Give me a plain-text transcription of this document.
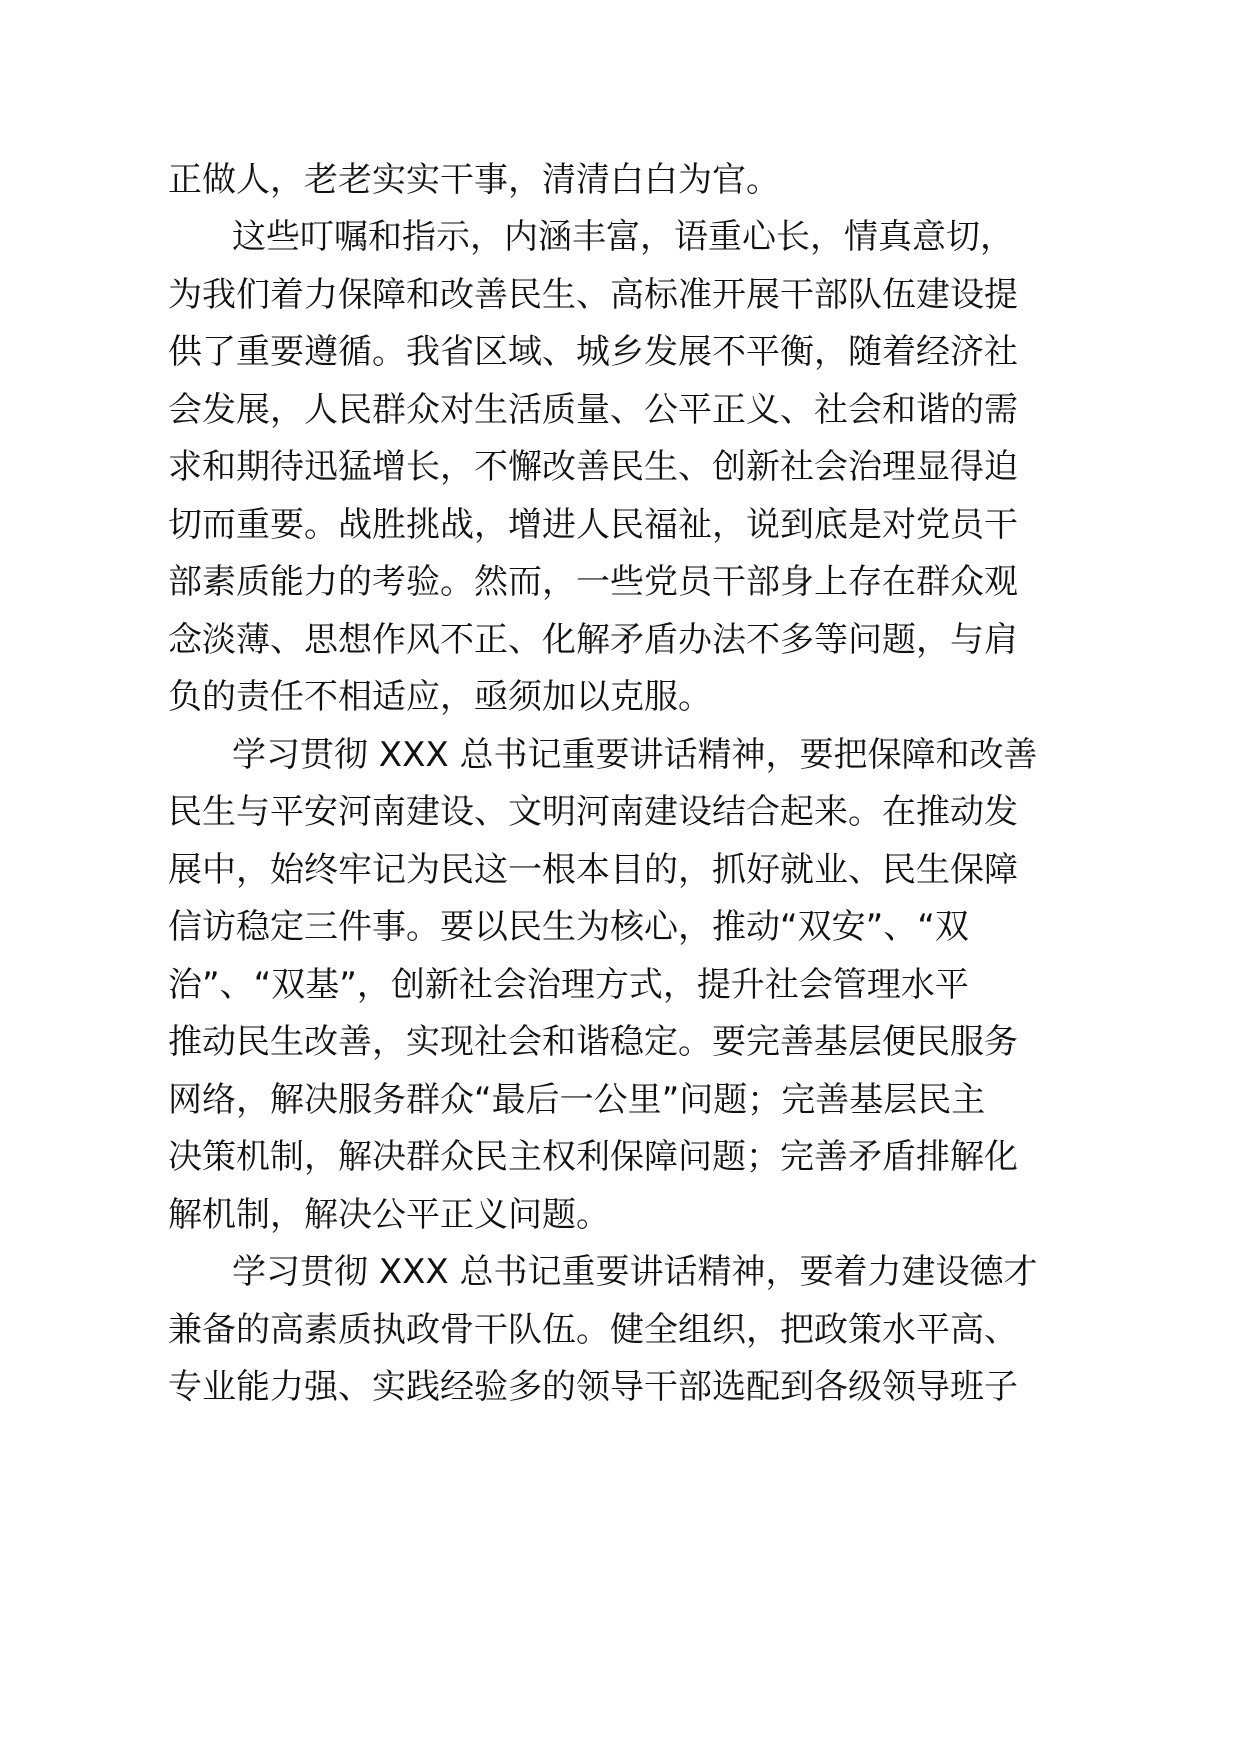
正做人，老老实实干事，清清白白为官。
这些叮嘱和指示，内涵丰富，语重心长，情真意切，
为我们着力保障和改善民生、高标准开展干部队伍建设提
供了重要遵循。我省区域、城乡发展不平衡，随着经济社
会发展，人民群众对生活质量、公平正义、社会和谐的需
求和期待迅猛增长，不懈改善民生、创新社会治理显得迫
切而重要。战胜挑战，增进人民福祉，说到底是对党员干
部素质能力的考验。然而，一些党员干部身上存在群众观
念淡薄、思想作风不正、化解矛盾办法不多等问题，与肩
负的责任不相适应，亟须加以克服。
学习贯彻 XXX 总书记重要讲话精神，要把保障和改善
民生与平安河南建设、文明河南建设结合起来。在推动发
展中，始终牢记为民这一根本目的，抓好就业、民生保障
信访稳定三件事。要以民生为核心，推动“双安”、“双
治”、“双基”，创新社会治理方式，提升社会管理水平
推动民生改善，实现社会和谐稳定。要完善基层便民服务
网络，解决服务群众“最后一公里”问题；完善基层民主
决策机制，解决群众民主权利保障问题；完善矛盾排解化
解机制，解决公平正义问题。
学习贯彻 XXX 总书记重要讲话精神，要着力建设德才
兼备的高素质执政骨干队伍。健全组织，把政策水平高、
专业能力强、实践经验多的领导干部选配到各级领导班子
